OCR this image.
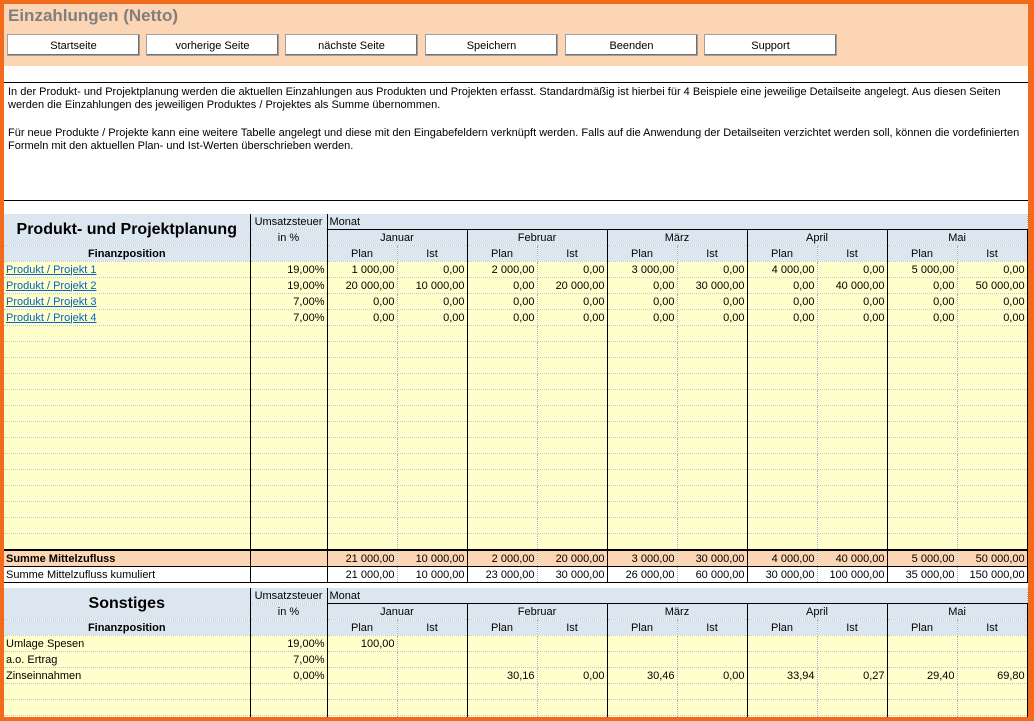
Einzahlungen (Netto)
Startseite	vorherige Seite	nächste Seite	Speichern	Beenden	Support

In der Produkt- und Projektplanung werden die aktuellen Einzahlungen aus Produkten und Projekten erfasst. Standardmäßig ist hierbei für 4 Beispiele eine jeweilige Detailseite angelegt. Aus diesen Seiten werden die Einzahlungen des jeweiligen Produktes / Projektes als Summe übernommen.

Für neue Produkte / Projekte kann eine weitere Tabelle angelegt und diese mit den Eingabefeldern verknüpft werden. Falls auf die Anwendung der Detailseiten verzichtet werden soll, können die vordefinierten Formeln mit den aktuellen Plan- und Ist-Werten überschrieben werden.

Produkt- und Projektplanung	Umsatzsteuer	Monat									
	in %	Januar		Februar		März		April		Mai	
Finanzposition		Plan	Ist	Plan	Ist	Plan	Ist	Plan	Ist	Plan	Ist
Produkt / Projekt 1	19,00%	1 000,00	0,00	2 000,00	0,00	3 000,00	0,00	4 000,00	0,00	5 000,00	0,00
Produkt / Projekt 2	19,00%	20 000,00	10 000,00	0,00	20 000,00	0,00	30 000,00	0,00	40 000,00	0,00	50 000,00
Produkt / Projekt 3	7,00%	0,00	0,00	0,00	0,00	0,00	0,00	0,00	0,00	0,00	0,00
Produkt / Projekt 4	7,00%	0,00	0,00	0,00	0,00	0,00	0,00	0,00	0,00	0,00	0,00

Summe Mittelzufluss		21 000,00	10 000,00	2 000,00	20 000,00	3 000,00	30 000,00	4 000,00	40 000,00	5 000,00	50 000,00
Summe Mittelzufluss kumuliert		21 000,00	10 000,00	23 000,00	30 000,00	26 000,00	60 000,00	30 000,00	100 000,00	35 000,00	150 000,00
Sonstiges	Umsatzsteuer	Monat									
	in %	Januar		Februar		März		April		Mai	
Finanzposition		Plan	Ist	Plan	Ist	Plan	Ist	Plan	Ist	Plan	Ist
Umlage Spesen	19,00%	100,00									
a.o. Ertrag	7,00%										
Zinseinnahmen	0,00%			30,16	0,00	30,46	0,00	33,94	0,27	29,40	69,80
